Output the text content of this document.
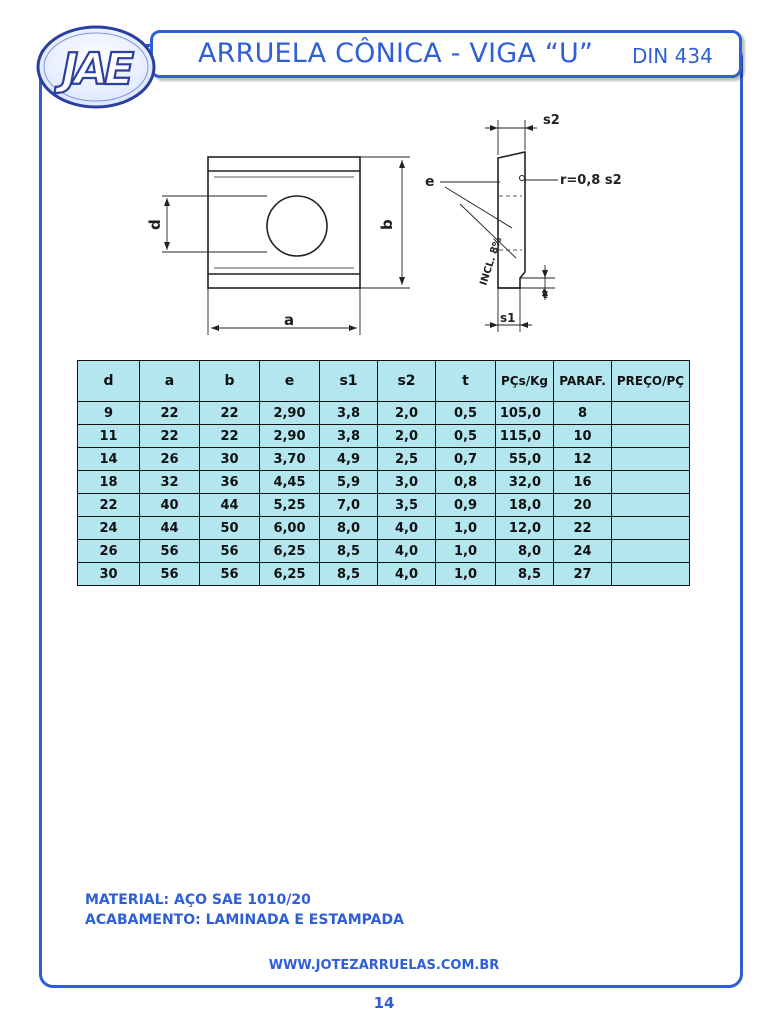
ARRUELA CÔNICA - VIGA “U” DIN 434
JAE
d	b
a
s2
e	r=0,8 s2
INCL. 8%
t
s1
d	a	b	e	s1	s2	t	PÇs/Kg	PARAF.	PREÇO/PÇ
9	22	22	2,90	3,8	2,0	0,5	105,0	8	
11	22	22	2,90	3,8	2,0	0,5	115,0	10	
14	26	30	3,70	4,9	2,5	0,7	55,0	12	
18	32	36	4,45	5,9	3,0	0,8	32,0	16	
22	40	44	5,25	7,0	3,5	0,9	18,0	20	
24	44	50	6,00	8,0	4,0	1,0	12,0	22	
26	56	56	6,25	8,5	4,0	1,0	8,0	24	
30	56	56	6,25	8,5	4,0	1,0	8,5	27	
MATERIAL: AÇO SAE 1010/20
ACABAMENTO: LAMINADA E ESTAMPADA
WWW.JOTEZARRUELAS.COM.BR
14
